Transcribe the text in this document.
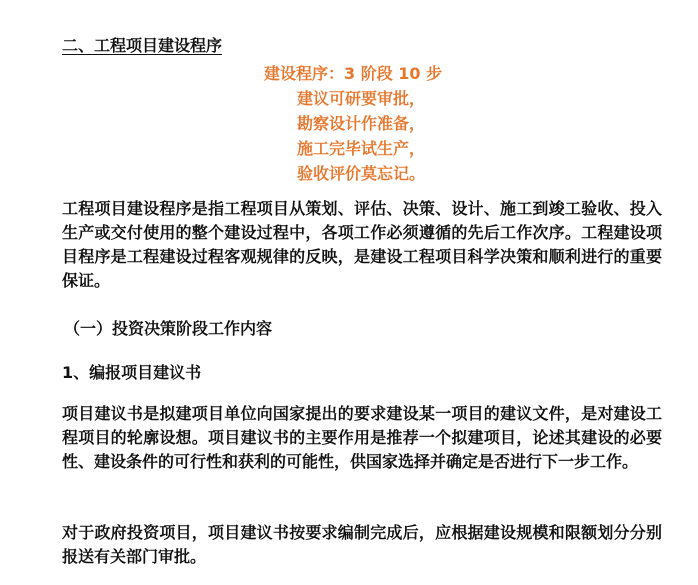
二、工程项目建设程序
建设程序：3 阶段 10 步
建议可研要审批，
勘察设计作准备，
施工完毕试生产，
验收评价莫忘记。
工程项目建设程序是指工程项目从策划、评估、决策、设计、施工到竣工验收、投入生产或交付使用的整个建设过程中，各项工作必须遵循的先后工作次序。工程建设项目程序是工程建设过程客观规律的反映，是建设工程项目科学决策和顺利进行的重要保证。
（一）投资决策阶段工作内容
1、编报项目建议书
项目建议书是拟建项目单位向国家提出的要求建设某一项目的建议文件，是对建设工程项目的轮廓设想。项目建议书的主要作用是推荐一个拟建项目，论述其建设的必要性、建设条件的可行性和获利的可能性，供国家选择并确定是否进行下一步工作。
对于政府投资项目，项目建议书按要求编制完成后，应根据建设规模和限额划分分别　报送有关部门审批。
